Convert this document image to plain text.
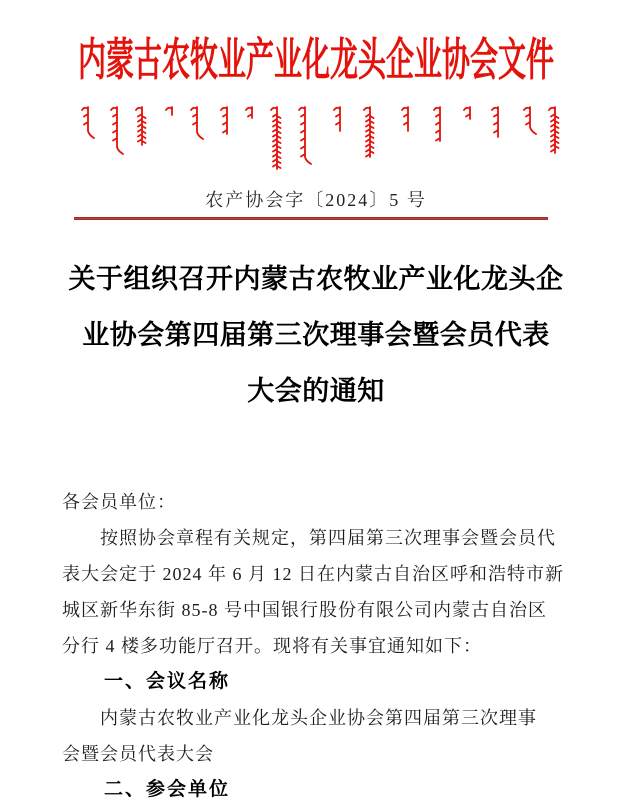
内蒙古农牧业产业化龙头企业协会文件
农产协会字〔2024〕5 号
关于组织召开内蒙古农牧业产业化龙头企
业协会第四届第三次理事会暨会员代表
大会的通知
各会员单位：
　　按照协会章程有关规定，第四届第三次理事会暨会员代
表大会定于 2024 年 6 月 12 日在内蒙古自治区呼和浩特市新
城区新华东街 85-8 号中国银行股份有限公司内蒙古自治区
分行 4 楼多功能厅召开。现将有关事宜通知如下：
　　一、会议名称
　　内蒙古农牧业产业化龙头企业协会第四届第三次理事
会暨会员代表大会
　　二、参会单位
